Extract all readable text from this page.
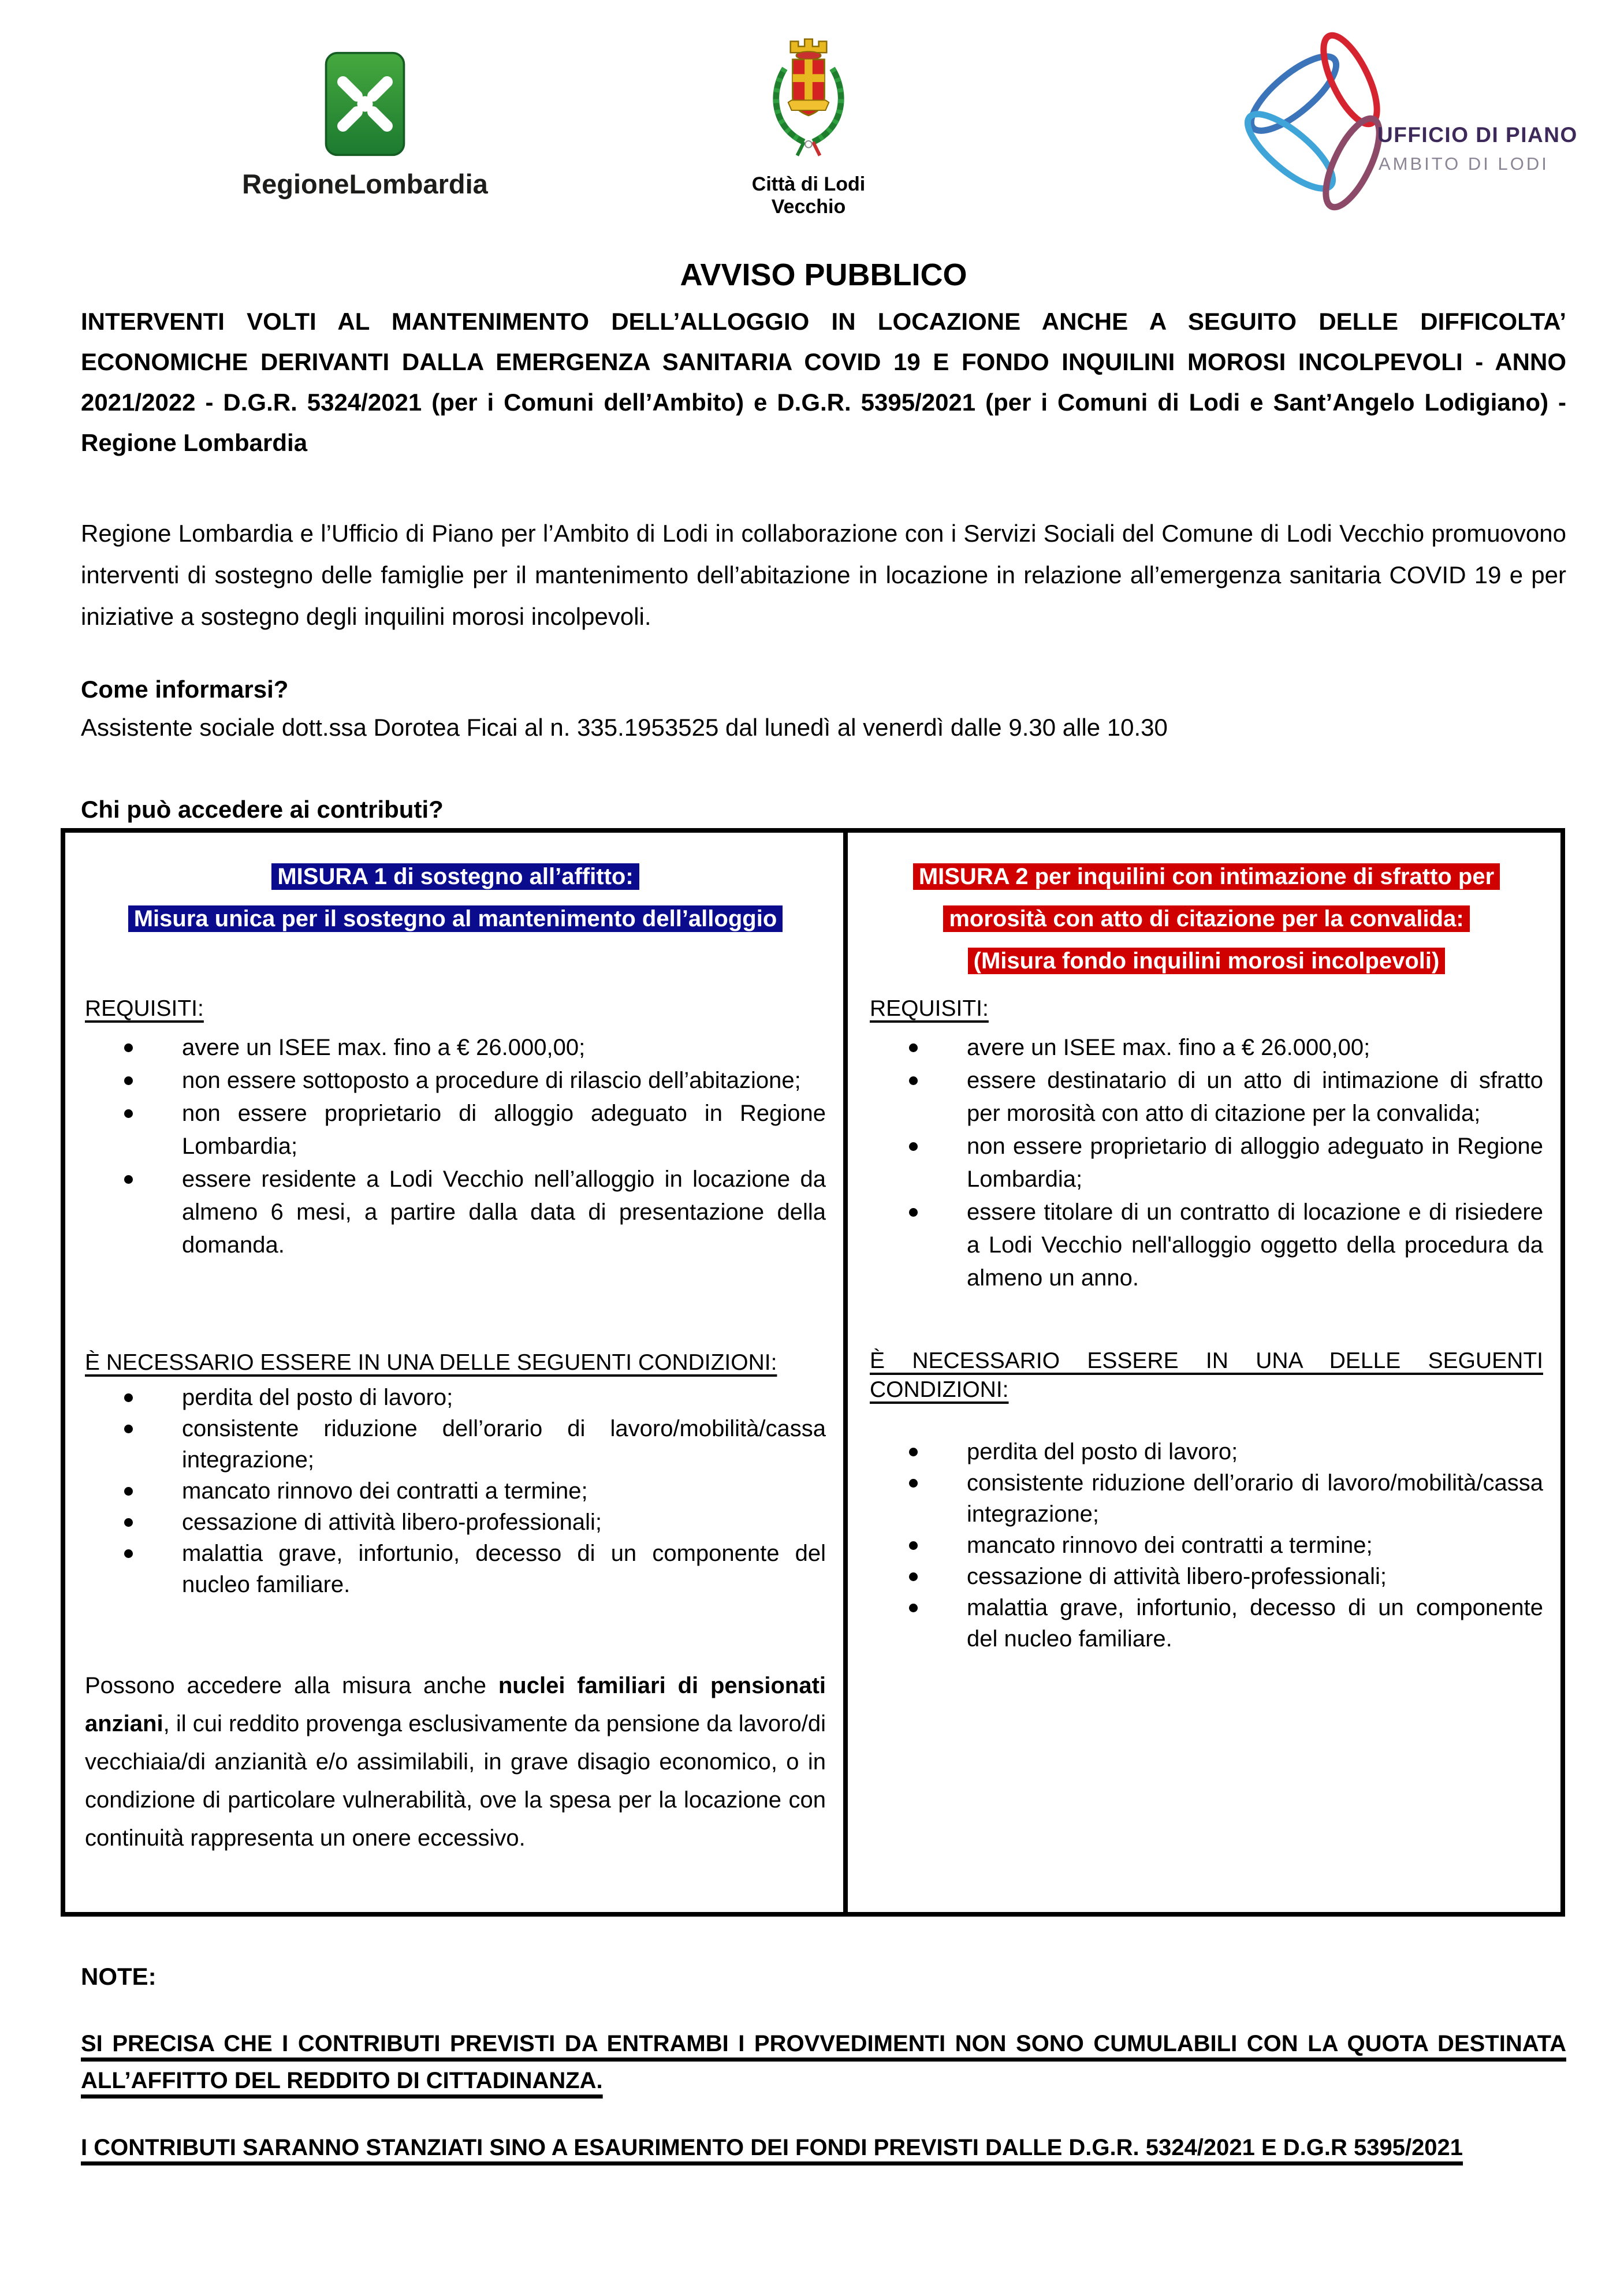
RegioneLombardia	Città di Lodi Vecchio
UFFICIO DI PIANO
AMBITO DI LODI
AVVISO PUBBLICO
INTERVENTI VOLTI AL MANTENIMENTO DELL’ALLOGGIO IN LOCAZIONE ANCHE A SEGUITO DELLE DIFFICOLTA’ ECONOMICHE DERIVANTI DALLA EMERGENZA SANITARIA COVID 19 E FONDO INQUILINI MOROSI INCOLPEVOLI - ANNO 2021/2022 - D.G.R. 5324/2021 (per i Comuni dell’Ambito) e D.G.R. 5395/2021 (per i Comuni di Lodi e Sant’Angelo Lodigiano) - Regione Lombardia
Regione Lombardia e l’Ufficio di Piano per l’Ambito di Lodi in collaborazione con i Servizi Sociali del Comune di Lodi Vecchio promuovono interventi di sostegno delle famiglie per il mantenimento dell’abitazione in locazione in relazione all’emergenza sanitaria COVID 19 e per iniziative a sostegno degli inquilini morosi incolpevoli.
Come informarsi?
Assistente sociale dott.ssa Dorotea Ficai al n. 335.1953525 dal lunedì al venerdì dalle 9.30 alle 10.30
Chi può accedere ai contributi?
MISURA 1 di sostegno all’affitto:
Misura unica per il sostegno al mantenimento dell’alloggio
REQUISITI:
avere un ISEE max. fino a € 26.000,00;
non essere sottoposto a procedure di rilascio dell’abitazione;
non essere proprietario di alloggio adeguato in Regione Lombardia;
essere residente a Lodi Vecchio nell’alloggio in locazione da almeno 6 mesi, a partire dalla data di presentazione della domanda.
È NECESSARIO ESSERE IN UNA DELLE SEGUENTI CONDIZIONI:
perdita del posto di lavoro;
consistente riduzione dell’orario di lavoro/mobilità/cassa integrazione;
mancato rinnovo dei contratti a termine;
cessazione di attività libero-professionali;
malattia grave, infortunio, decesso di un componente del nucleo familiare.
Possono accedere alla misura anche nuclei familiari di pensionati anziani, il cui reddito provenga esclusivamente da pensione da lavoro/di vecchiaia/di anzianità e/o assimilabili, in grave disagio economico, o in condizione di particolare vulnerabilità, ove la spesa per la locazione con continuità rappresenta un onere eccessivo.
MISURA 2 per inquilini con intimazione di sfratto per
morosità con atto di citazione per la convalida:
(Misura fondo inquilini morosi incolpevoli)
REQUISITI:
avere un ISEE max. fino a € 26.000,00;
essere destinatario di un atto di intimazione di sfratto per morosità con atto di citazione per la convalida;
non essere proprietario di alloggio adeguato in Regione Lombardia;
essere titolare di un contratto di locazione e di risiedere a Lodi Vecchio nell'alloggio oggetto della procedura da almeno un anno.
È NECESSARIO ESSERE IN UNA DELLE SEGUENTI CONDIZIONI:
perdita del posto di lavoro;
consistente riduzione dell’orario di lavoro/mobilità/cassa integrazione;
mancato rinnovo dei contratti a termine;
cessazione di attività libero-professionali;
malattia grave, infortunio, decesso di un componente del nucleo familiare.
NOTE:
SI PRECISA CHE I CONTRIBUTI PREVISTI DA ENTRAMBI I PROVVEDIMENTI NON SONO CUMULABILI CON LA QUOTA DESTINATA ALL’AFFITTO DEL REDDITO DI CITTADINANZA.
I CONTRIBUTI SARANNO STANZIATI SINO A ESAURIMENTO DEI FONDI PREVISTI DALLE D.G.R. 5324/2021 E D.G.R 5395/2021
